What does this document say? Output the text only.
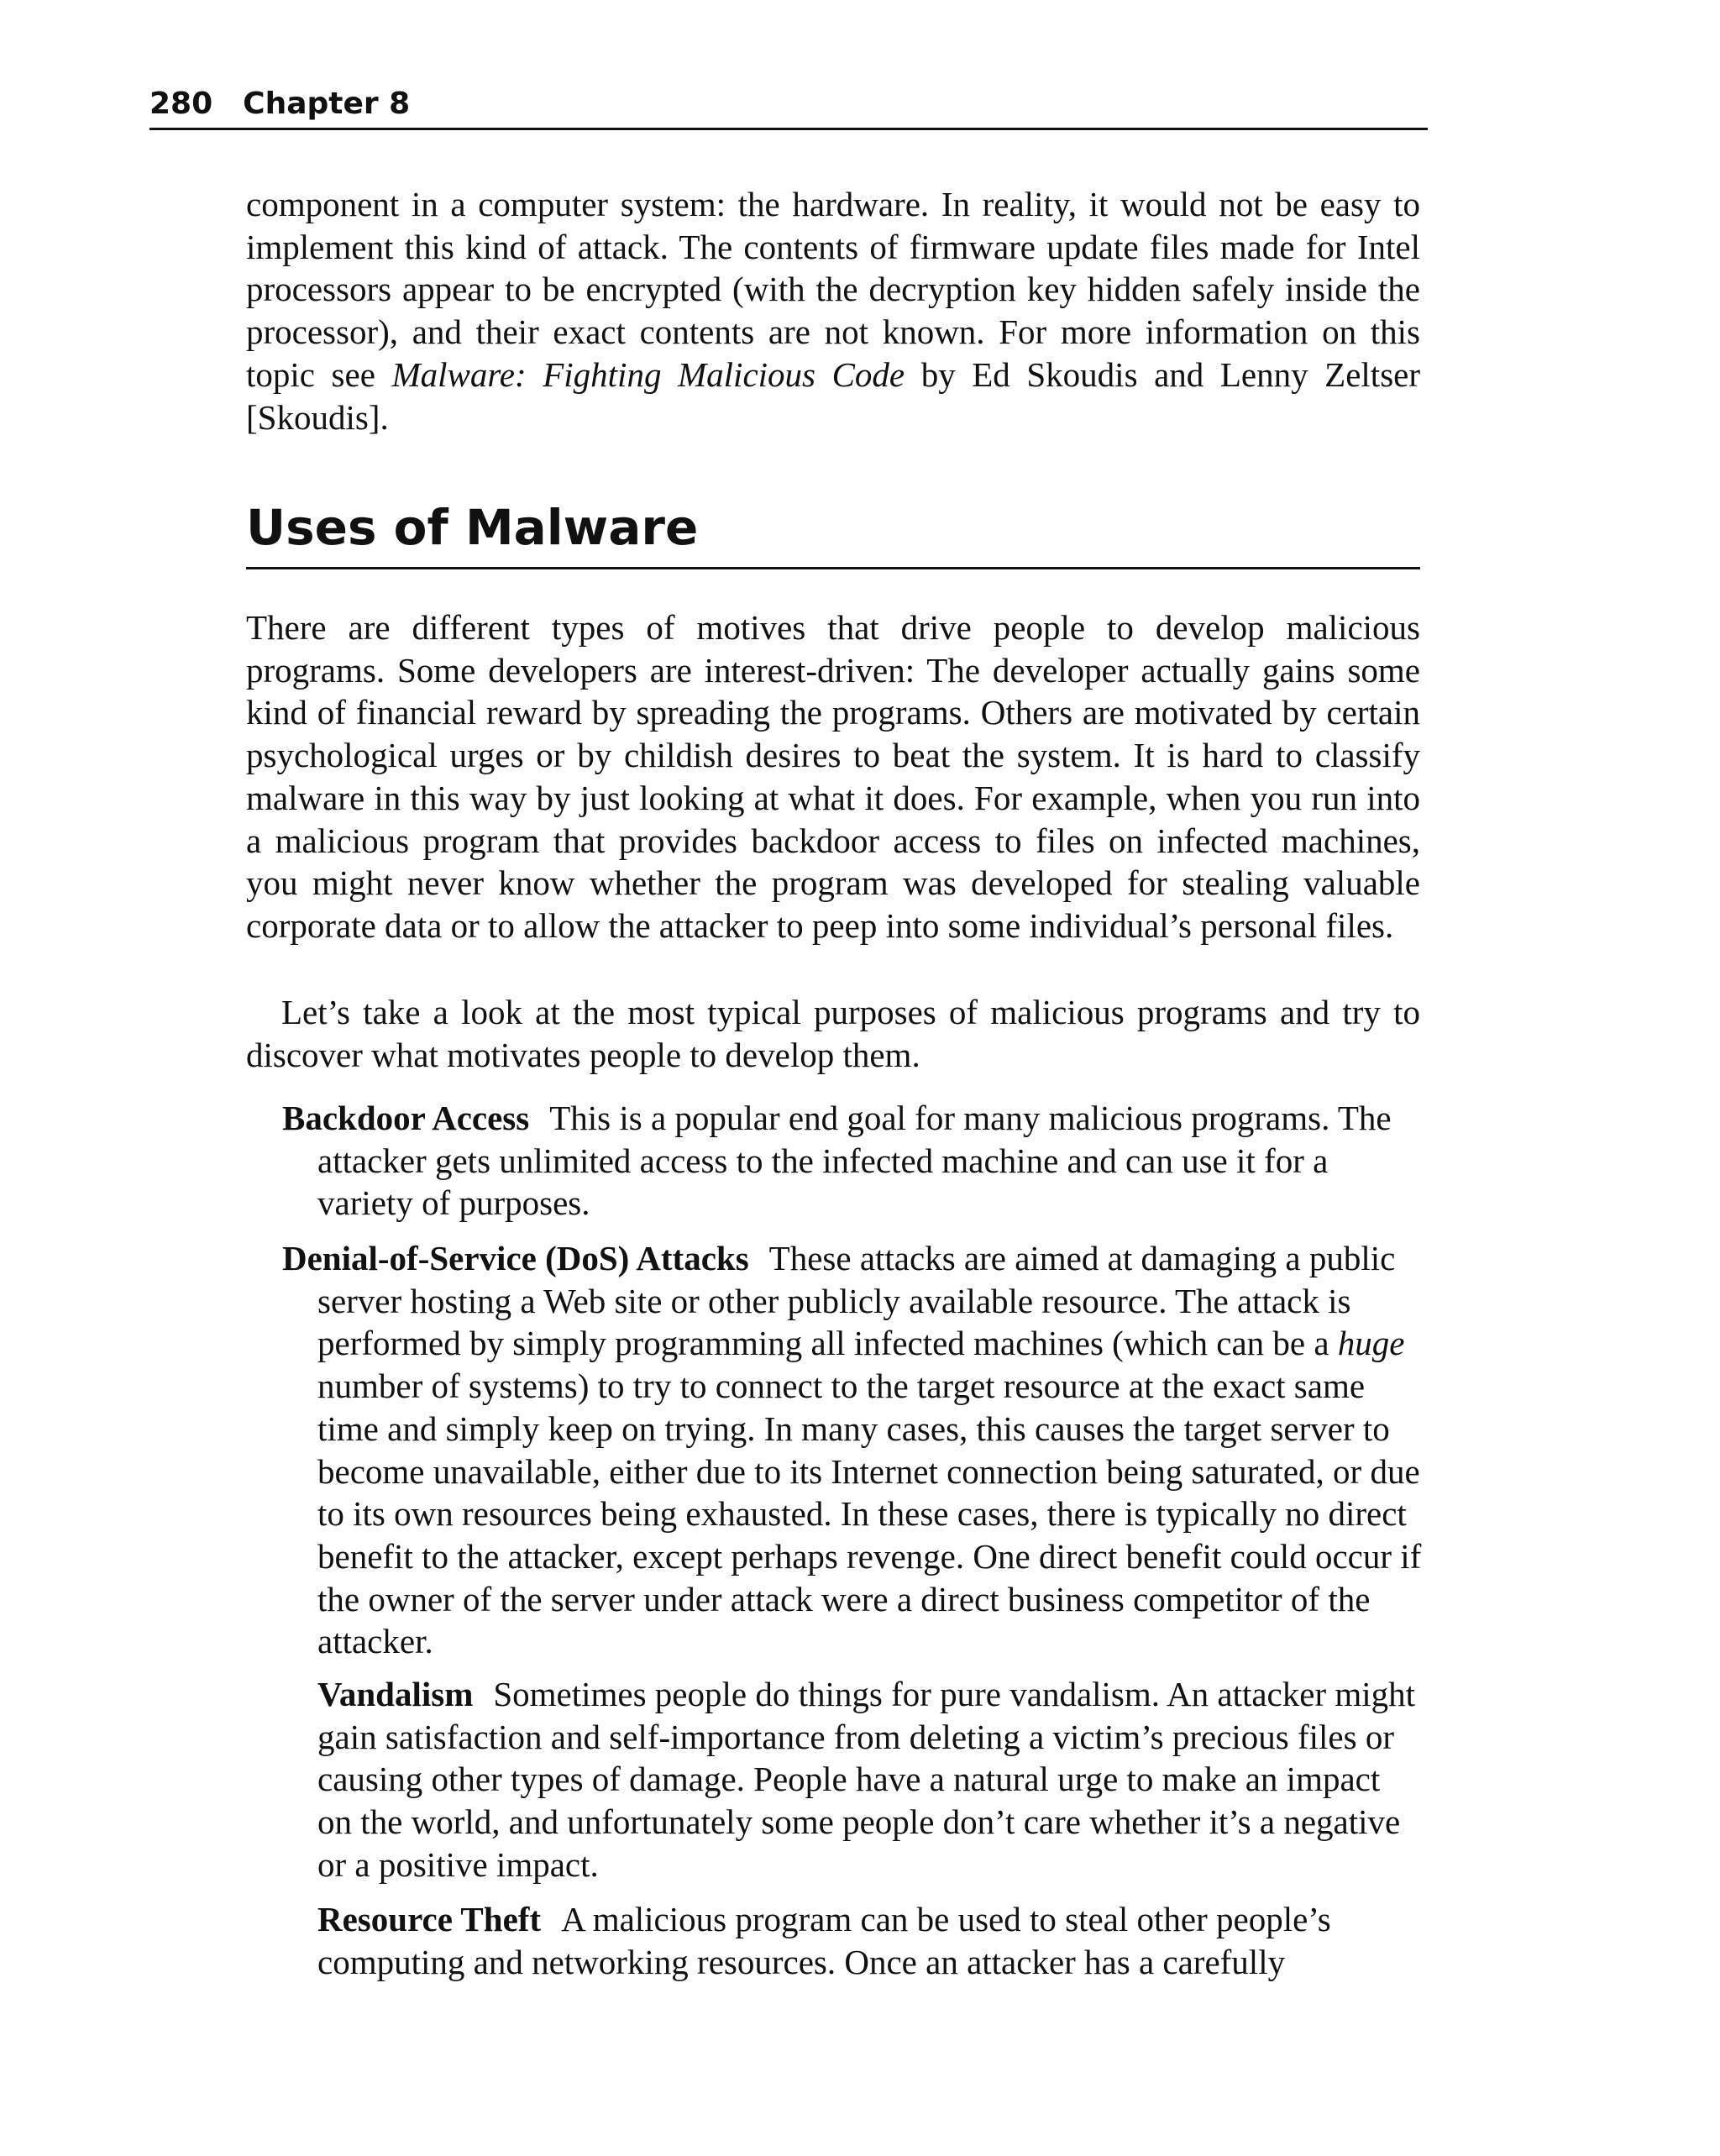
280 Chapter 8

component in a computer system: the hardware. In reality, it would not be easy to implement this kind of attack. The contents of firmware update files made for Intel processors appear to be encrypted (with the decryption key hidden safely inside the processor), and their exact contents are not known. For more information on this topic see Malware: Fighting Malicious Code by Ed Skoudis and Lenny Zeltser [Skoudis].

Uses of Malware

There are different types of motives that drive people to develop malicious programs. Some developers are interest-driven: The developer actually gains some kind of financial reward by spreading the programs. Others are motivated by certain psychological urges or by childish desires to beat the system. It is hard to classify malware in this way by just looking at what it does. For example, when you run into a malicious program that provides backdoor access to files on infected machines, you might never know whether the program was developed for stealing valuable corporate data or to allow the attacker to peep into some individual’s personal files.

Let’s take a look at the most typical purposes of malicious programs and try to discover what motivates people to develop them.

Backdoor Access This is a popular end goal for many malicious programs. The attacker gets unlimited access to the infected machine and can use it for a variety of purposes.

Denial-of-Service (DoS) Attacks These attacks are aimed at damaging a public server hosting a Web site or other publicly available resource. The attack is performed by simply programming all infected machines (which can be a huge number of systems) to try to connect to the target resource at the exact same time and simply keep on trying. In many cases, this causes the target server to become unavailable, either due to its Internet connection being saturated, or due to its own resources being exhausted. In these cases, there is typically no direct benefit to the attacker, except perhaps revenge. One direct benefit could occur if the owner of the server under attack were a direct business competitor of the attacker.

Vandalism Sometimes people do things for pure vandalism. An attacker might gain satisfaction and self-importance from deleting a victim’s precious files or causing other types of damage. People have a natural urge to make an impact on the world, and unfortunately some people don’t care whether it’s a negative or a positive impact.

Resource Theft A malicious program can be used to steal other people’s computing and networking resources. Once an attacker has a carefully
